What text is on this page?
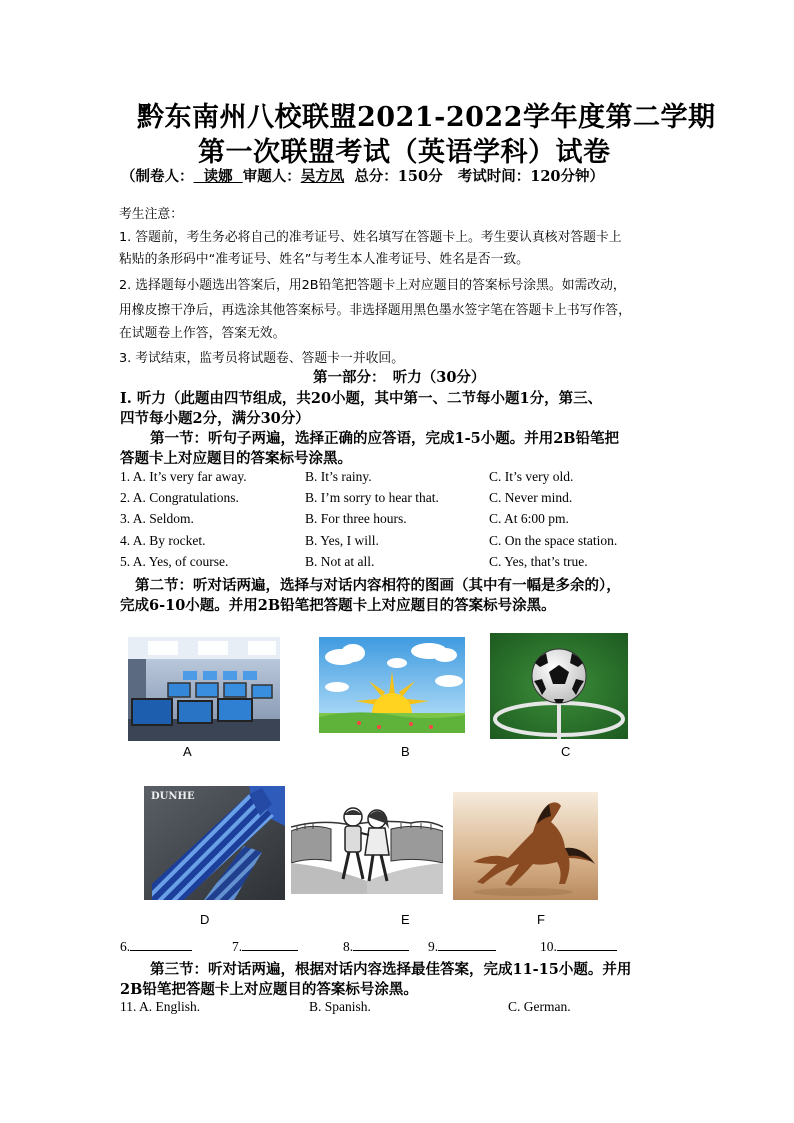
黔东南州八校联盟2021-2022学年度第二学期
第一次联盟考试（英语学科）试卷
（制卷人：  读娜  审题人：吴方凤 总分：150分 考试时间：120分钟）
考生注意：
1. 答题前，考生务必将自己的准考证号、姓名填写在答题卡上。考生要认真核对答题卡上
粘贴的条形码中“准考证号、姓名”与考生本人准考证号、姓名是否一致。
2. 选择题每小题选出答案后，用2B铅笔把答题卡上对应题目的答案标号涂黑。如需改动，
用橡皮擦干净后，再选涂其他答案标号。非选择题用黑色墨水签字笔在答题卡上书写作答，
在试题卷上作答，答案无效。
3. 考试结束，监考员将试题卷、答题卡一并收回。
第一部分：　听力（30分）
Ⅰ. 听力（此题由四节组成，共20小题，其中第一、二节每小题1分，第三、
四节每小题2分，满分30分）
第一节：听句子两遍，选择正确的应答语，完成1-5小题。并用2B铅笔把
答题卡上对应题目的答案标号涂黑。
1. A. It’s very far away.	B. It’s rainy.	C. It’s very old.
2. A. Congratulations.	B. I’m sorry to hear that.	C. Never mind.
3. A. Seldom.	B. For three hours.	C. At 6:00 pm.
4. A. By rocket.	B. Yes, I will.	C. On the space station.
5. A. Yes, of course.	B. Not at all.	C. Yes, that’s true.
第二节：听对话两遍，选择与对话内容相符的图画（其中有一幅是多余的），
完成6-10小题。并用2B铅笔把答题卡上对应题目的答案标号涂黑。
A	B	C
DUNHE
D	E	F
6.	7.	8.	9.	10.
第三节：听对话两遍，根据对话内容选择最佳答案，完成11-15小题。并用
2B铅笔把答题卡上对应题目的答案标号涂黑。
11. A. English.	B. Spanish.	C. German.
